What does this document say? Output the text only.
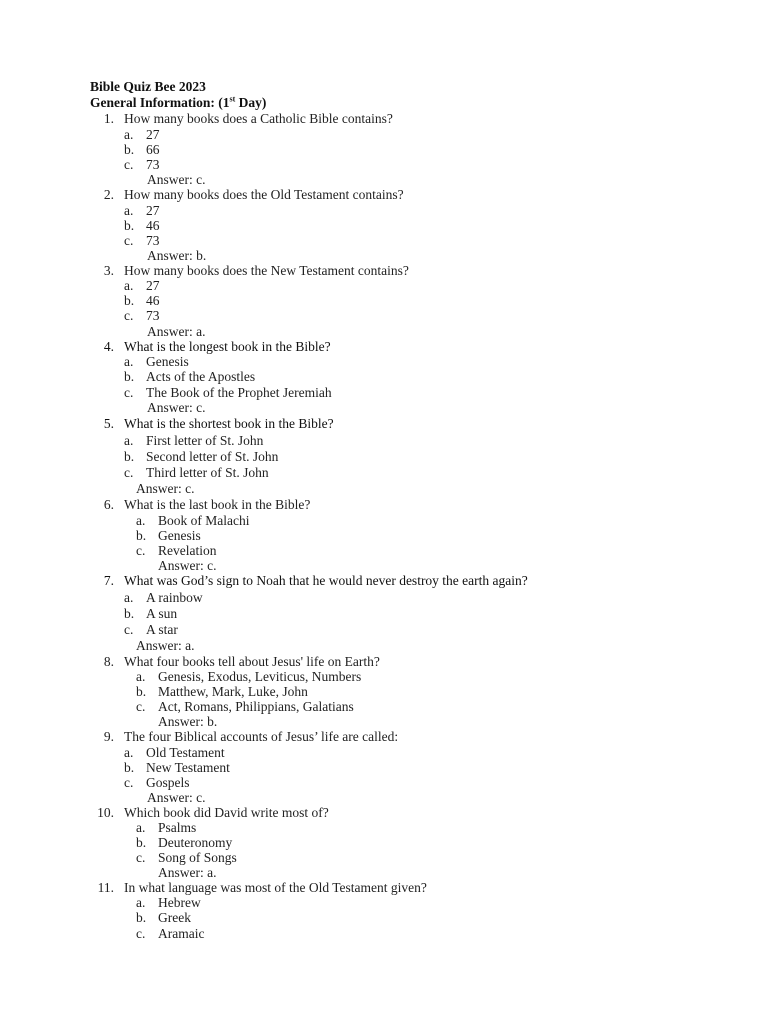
Bible Quiz Bee 2023
General Information: (1st Day)
1. How many books does a Catholic Bible contains?
a. 27
b. 66
c. 73
Answer: c.
2. How many books does the Old Testament contains?
a. 27
b. 46
c. 73
Answer: b.
3. How many books does the New Testament contains?
a. 27
b. 46
c. 73
Answer: a.
4. What is the longest book in the Bible?
a. Genesis
b. Acts of the Apostles
c. The Book of the Prophet Jeremiah
Answer: c.
5. What is the shortest book in the Bible?
a. First letter of St. John
b. Second letter of St. John
c. Third letter of St. John
Answer: c.
6. What is the last book in the Bible?
a. Book of Malachi
b. Genesis
c. Revelation
Answer: c.
7. What was God’s sign to Noah that he would never destroy the earth again?
a. A rainbow
b. A sun
c. A star
Answer: a.
8. What four books tell about Jesus' life on Earth?
a. Genesis, Exodus, Leviticus, Numbers
b. Matthew, Mark, Luke, John
c. Act, Romans, Philippians, Galatians
Answer: b.
9. The four Biblical accounts of Jesus’ life are called:
a. Old Testament
b. New Testament
c. Gospels
Answer: c.
10. Which book did David write most of?
a. Psalms
b. Deuteronomy
c. Song of Songs
Answer: a.
11. In what language was most of the Old Testament given?
a. Hebrew
b. Greek
c. Aramaic
